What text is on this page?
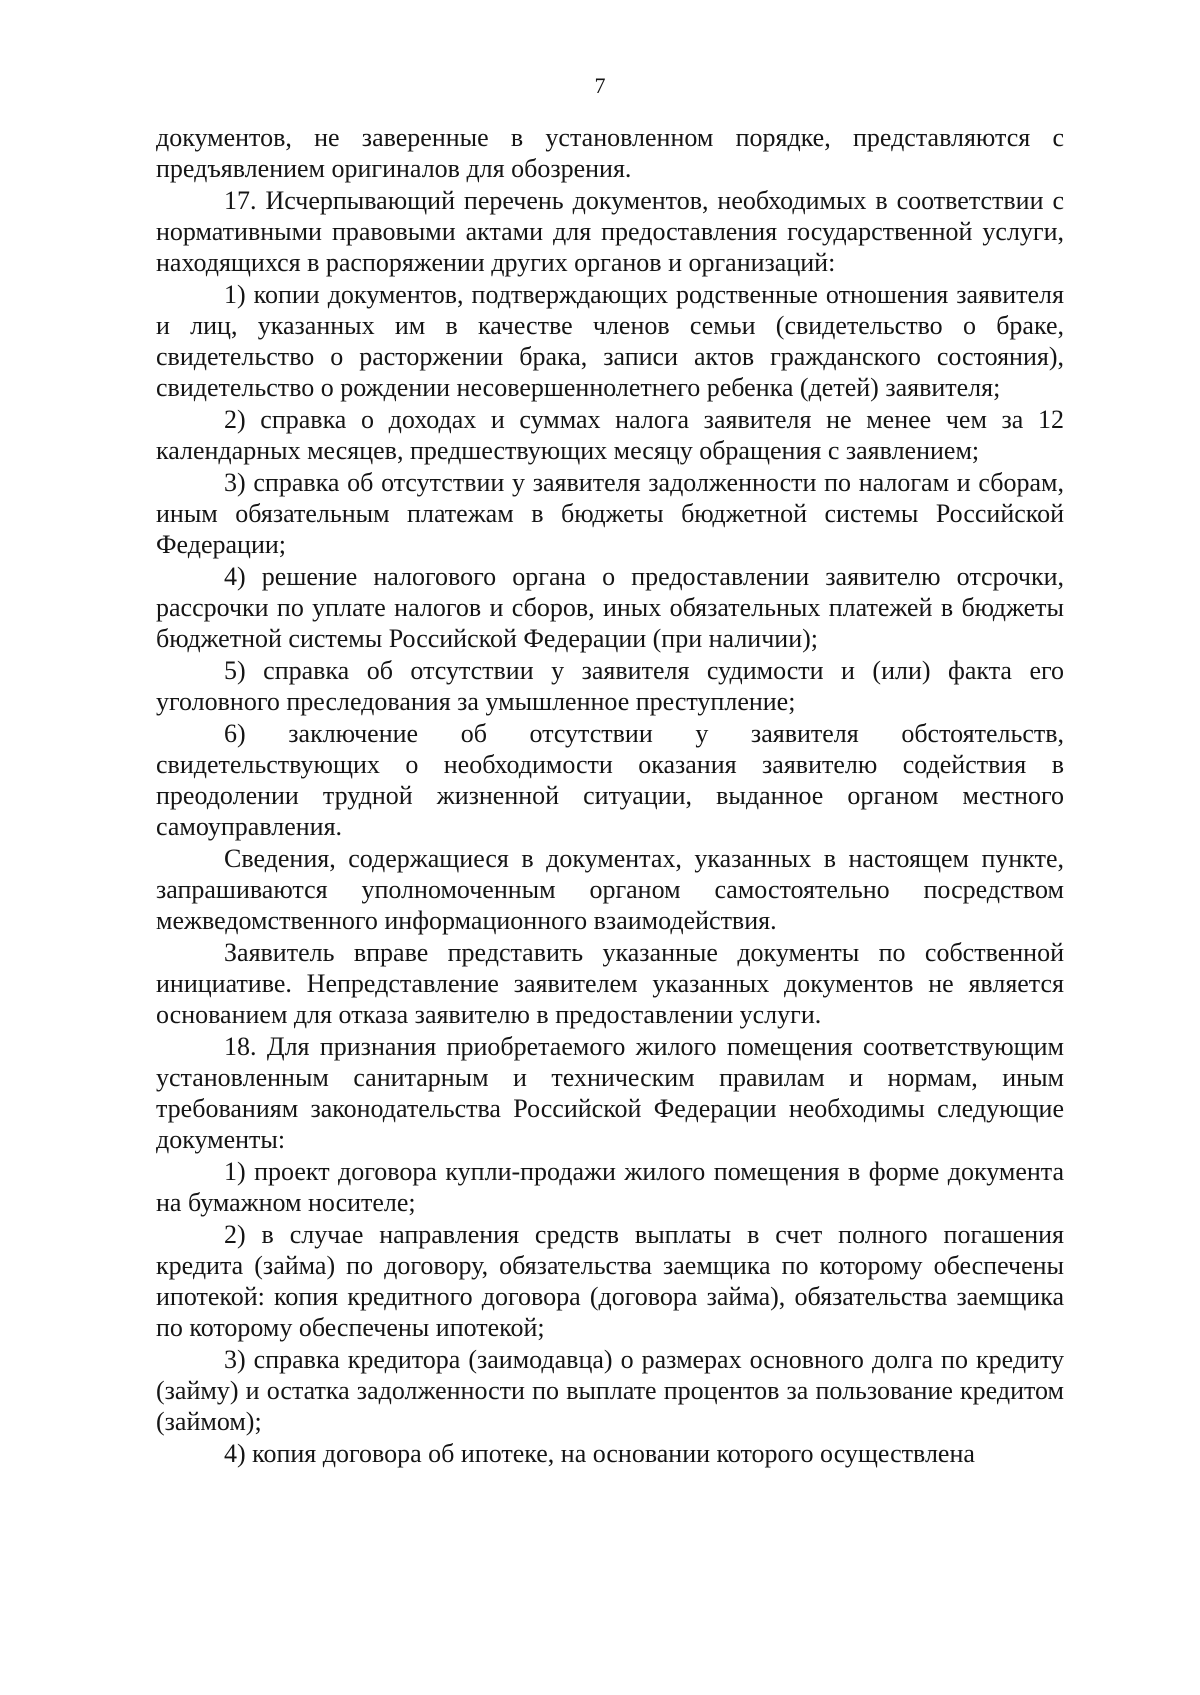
7

документов, не заверенные в установленном порядке, представляются с предъявлением оригиналов для обозрения.

17. Исчерпывающий перечень документов, необходимых в соответствии с нормативными правовыми актами для предоставления государственной услуги, находящихся в распоряжении других органов и организаций:

1) копии документов, подтверждающих родственные отношения заявителя и лиц, указанных им в качестве членов семьи (свидетельство о браке, свидетельство о расторжении брака, записи актов гражданского состояния), свидетельство о рождении несовершеннолетнего ребенка (детей) заявителя;

2) справка о доходах и суммах налога заявителя не менее чем за 12 календарных месяцев, предшествующих месяцу обращения с заявлением;

3) справка об отсутствии у заявителя задолженности по налогам и сборам, иным обязательным платежам в бюджеты бюджетной системы Российской Федерации;

4) решение налогового органа о предоставлении заявителю отсрочки, рассрочки по уплате налогов и сборов, иных обязательных платежей в бюджеты бюджетной системы Российской Федерации (при наличии);

5) справка об отсутствии у заявителя судимости и (или) факта его уголовного преследования за умышленное преступление;

6) заключение об отсутствии у заявителя обстоятельств, свидетельствующих о необходимости оказания заявителю содействия в преодолении трудной жизненной ситуации, выданное органом местного самоуправления.

Сведения, содержащиеся в документах, указанных в настоящем пункте, запрашиваются уполномоченным органом самостоятельно посредством межведомственного информационного взаимодействия.

Заявитель вправе представить указанные документы по собственной инициативе. Непредставление заявителем указанных документов не является основанием для отказа заявителю в предоставлении услуги.

18. Для признания приобретаемого жилого помещения соответствующим установленным санитарным и техническим правилам и нормам, иным требованиям законодательства Российской Федерации необходимы следующие документы:

1) проект договора купли-продажи жилого помещения в форме документа на бумажном носителе;

2) в случае направления средств выплаты в счет полного погашения кредита (займа) по договору, обязательства заемщика по которому обеспечены ипотекой: копия кредитного договора (договора займа), обязательства заемщика по которому обеспечены ипотекой;

3) справка кредитора (заимодавца) о размерах основного долга по кредиту (займу) и остатка задолженности по выплате процентов за пользование кредитом (займом);

4) копия договора об ипотеке, на основании которого осуществлена
